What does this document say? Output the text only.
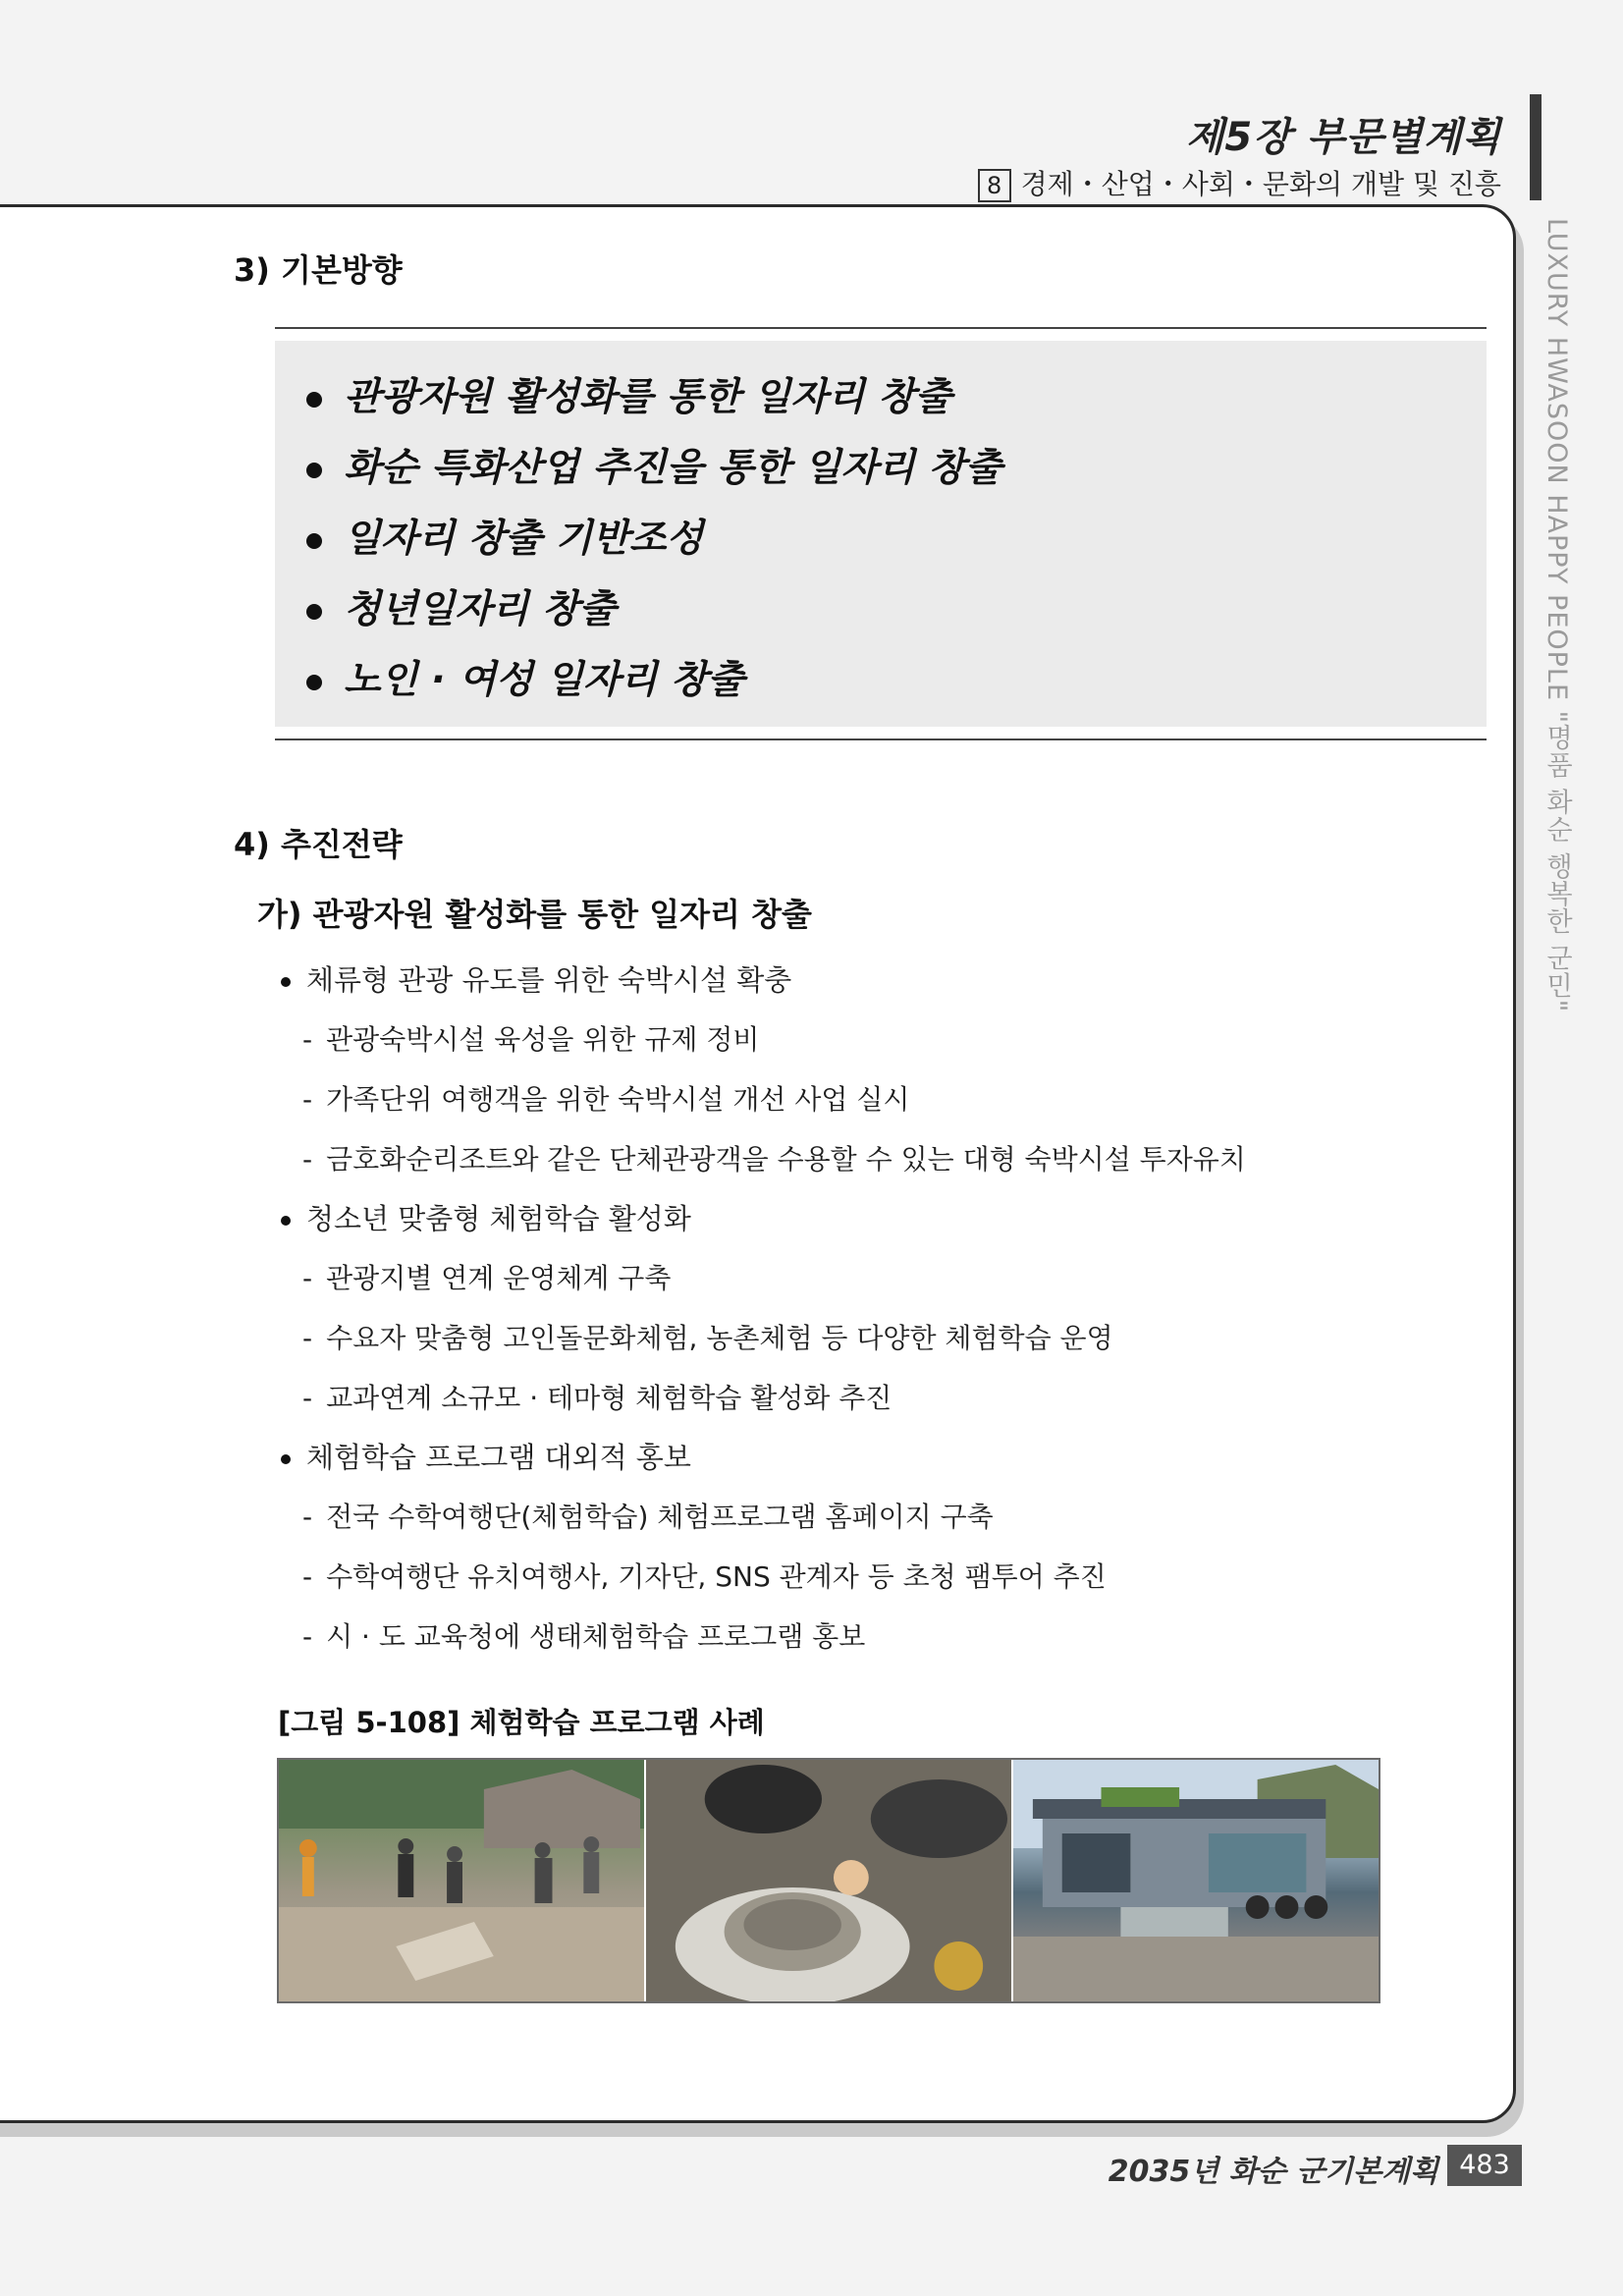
제5장 부문별계획
8 경제・산업・사회・문화의 개발 및 진흥
LUXURY HWASOON HAPPY PEOPLE "명품 화순 행복한 군민"
3) 기본방향
관광자원 활성화를 통한 일자리 창출
화순 특화산업 추진을 통한 일자리 창출
일자리 창출 기반조성
청년일자리 창출
노인 · 여성 일자리 창출
4) 추진전략
가) 관광자원 활성화를 통한 일자리 창출
체류형 관광 유도를 위한 숙박시설 확충
- 관광숙박시설 육성을 위한 규제 정비
- 가족단위 여행객을 위한 숙박시설 개선 사업 실시
- 금호화순리조트와 같은 단체관광객을 수용할 수 있는 대형 숙박시설 투자유치
청소년 맞춤형 체험학습 활성화
- 관광지별 연계 운영체계 구축
- 수요자 맞춤형 고인돌문화체험, 농촌체험 등 다양한 체험학습 운영
- 교과연계 소규모 · 테마형 체험학습 활성화 추진
체험학습 프로그램 대외적 홍보
- 전국 수학여행단(체험학습) 체험프로그램 홈페이지 구축
- 수학여행단 유치여행사, 기자단, SNS 관계자 등 초청 팸투어 추진
- 시 · 도 교육청에 생태체험학습 프로그램 홍보
[그림 5-108] 체험학습 프로그램 사례
2035년 화순 군기본계획 483
